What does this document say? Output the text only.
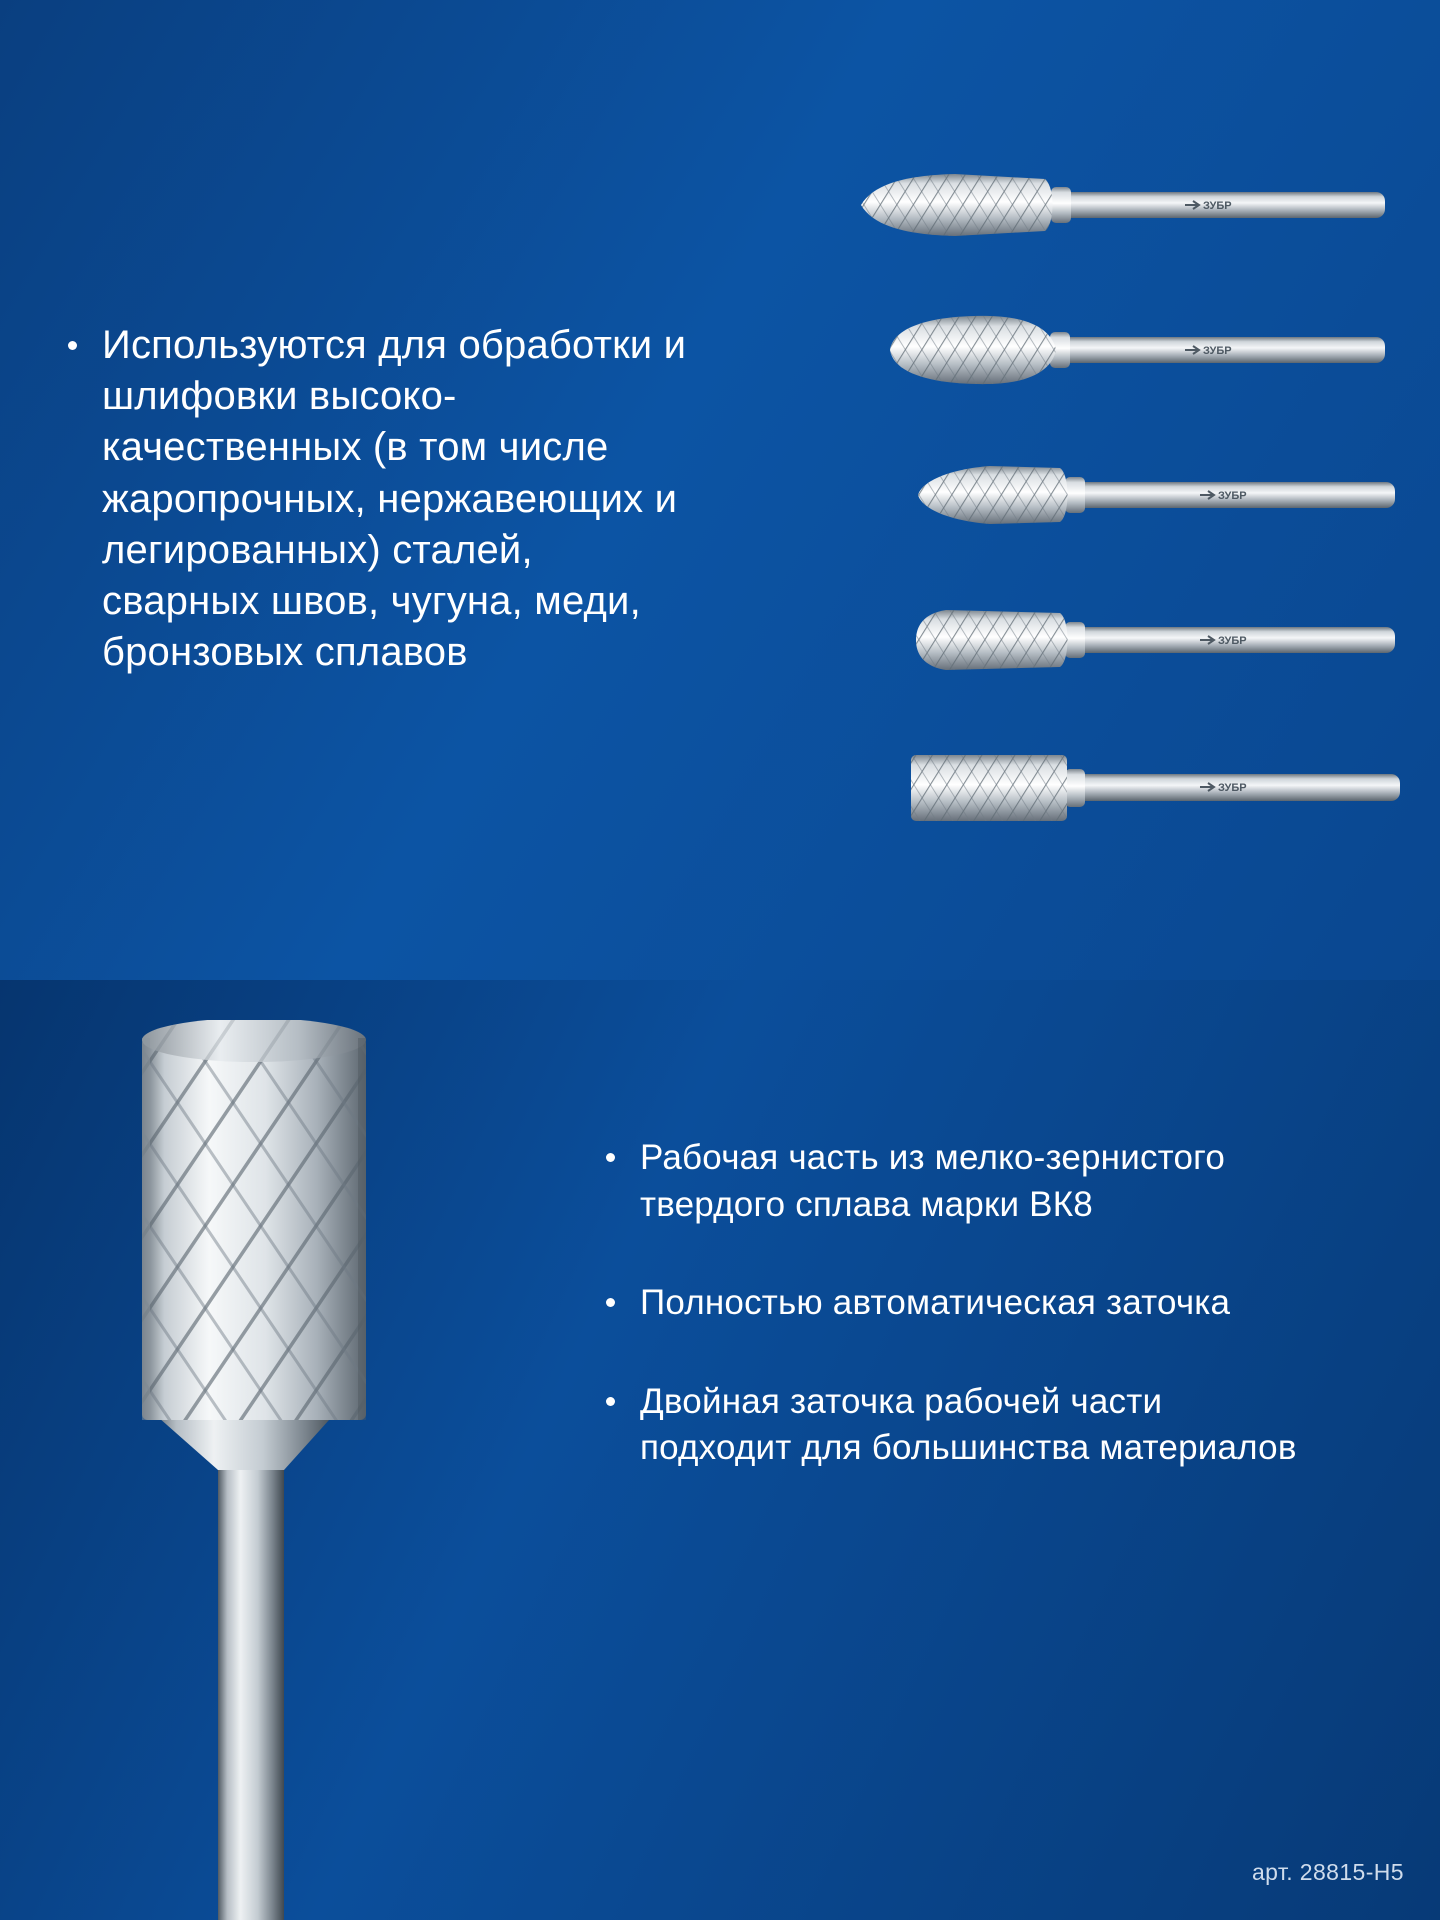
Используются для обработки и шлифовки высоко-качественных (в том числе жаропрочных, нержавеющих и легированных) сталей, сварных швов, чугуна, меди, бронзовых сплавов
ЗУБР
ЗУБР
ЗУБР
ЗУБР
ЗУБР
Рабочая часть из мелко-зернистого твердого сплава марки ВК8
Полностью автоматическая заточка
Двойная заточка рабочей части подходит для большинства материалов
арт. 28815-H5
